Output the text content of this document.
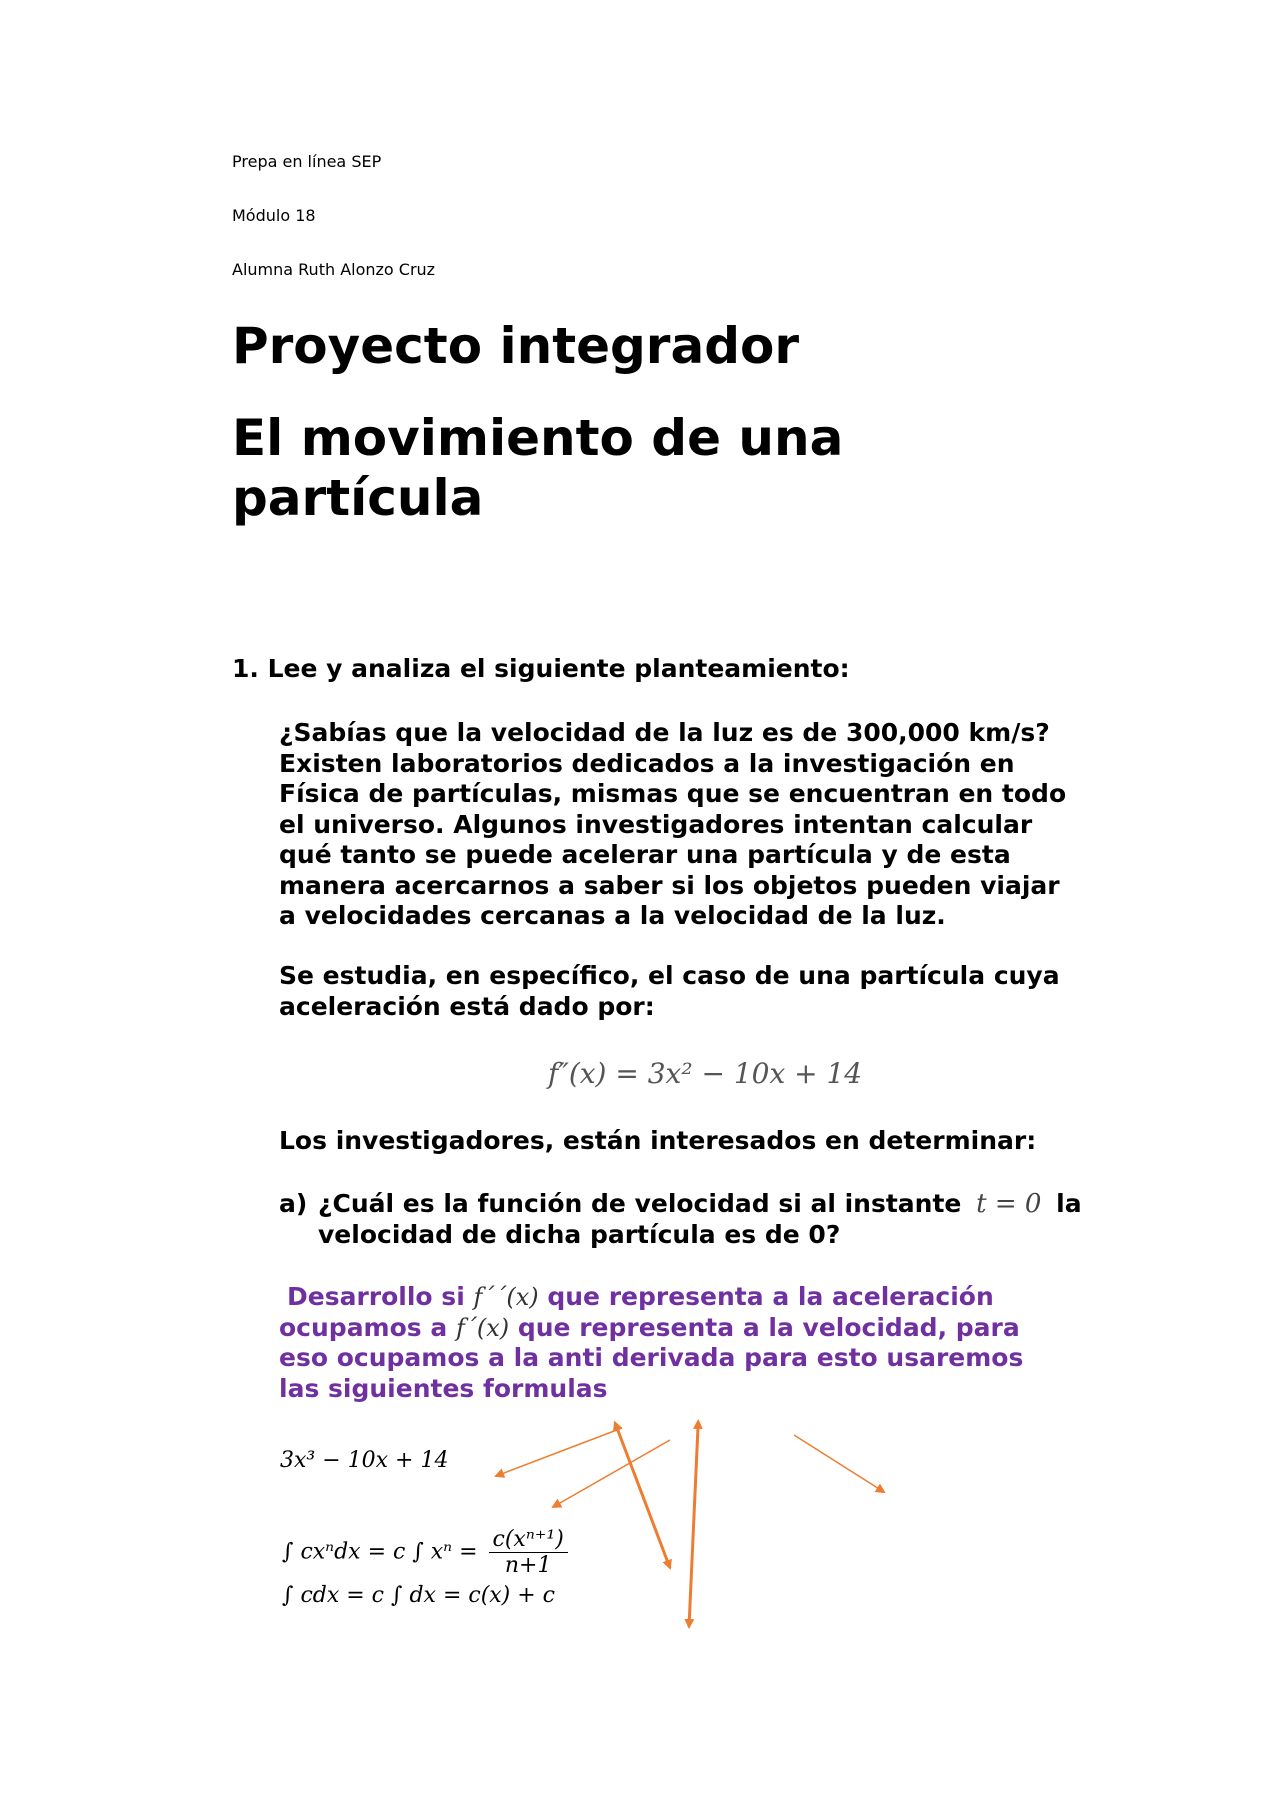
Prepa en línea SEP
Módulo 18
Alumna Ruth Alonzo Cruz
Proyecto integrador
El movimiento de una
partícula
1. Lee y analiza el siguiente planteamiento:
¿Sabías que la velocidad de la luz es de 300,000 km/s?
Existen laboratorios dedicados a la investigación en
Física de partículas, mismas que se encuentran en todo
el universo. Algunos investigadores intentan calcular
qué tanto se puede acelerar una partícula y de esta
manera acercarnos a saber si los objetos pueden viajar
a velocidades cercanas a la velocidad de la luz.
Se estudia, en específico, el caso de una partícula cuya
aceleración está dado por:
f″(x) = 3x² − 10x + 14
Los investigadores, están interesados en determinar:
a) ¿Cuál es la función de velocidad si al instante t = 0 la
velocidad de dicha partícula es de 0?
Desarrollo si f´´(x) que representa a la aceleración
ocupamos a f´(x) que representa a la velocidad, para
eso ocupamos a la anti derivada para esto usaremos
las siguientes formulas
3x³ − 10x + 14
∫ cxⁿdx = c ∫ $x^n = \frac{\text{c(xⁿ⁺¹)}}{n+1}$
∫ cdx = c ∫ dx = c(x) + c
